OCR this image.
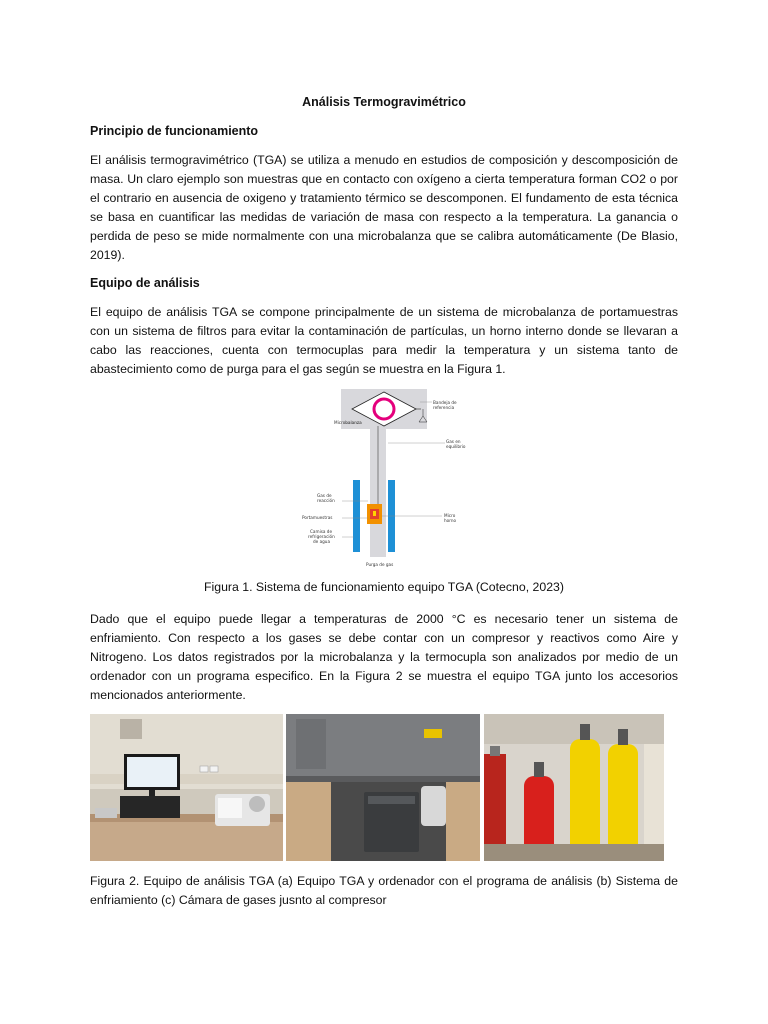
Análisis Termogravimétrico
Principio de funcionamiento
El análisis termogravimétrico (TGA) se utiliza a menudo en estudios de composición y descomposición de masa. Un claro ejemplo son muestras que en contacto con oxígeno a cierta temperatura forman CO2 o por el contrario en ausencia de oxigeno y tratamiento térmico se descomponen. El fundamento de esta técnica se basa en cuantificar las medidas de variación de masa con respecto a la temperatura. La ganancia o perdida de peso se mide normalmente con una microbalanza que se calibra automáticamente (De Blasio, 2019).
Equipo de análisis
El equipo de análisis TGA se compone principalmente de un sistema de microbalanza de portamuestras con un sistema de filtros para evitar la contaminación de partículas, un horno interno donde se llevaran a cabo las reacciones, cuenta con termocuplas para medir la temperatura y un sistema tanto de abastecimiento como de purga para el gas según se muestra en la Figura 1.
Microbalanza
Bandeja de
referencia
Gas en
equilibrio
Gas de
reacción
Portamuestras	Micro
horno
Camisa de
refrigeración
de agua
Purga de gas
Figura 1. Sistema de funcionamiento equipo TGA (Cotecno, 2023)
Dado que el equipo puede llegar a temperaturas de 2000 °C es necesario tener un sistema de enfriamiento. Con respecto a los gases se debe contar con un compresor y reactivos como Aire y Nitrogeno. Los datos registrados por la microbalanza y la termocupla son analizados por medio de un ordenador con un programa especifico. En la Figura 2 se muestra el equipo TGA junto los accesorios mencionados anteriormente.
Figura 2. Equipo de análisis TGA (a) Equipo TGA y ordenador con el programa de análisis (b) Sistema de enfriamiento (c) Cámara de gases jusnto al compresor
